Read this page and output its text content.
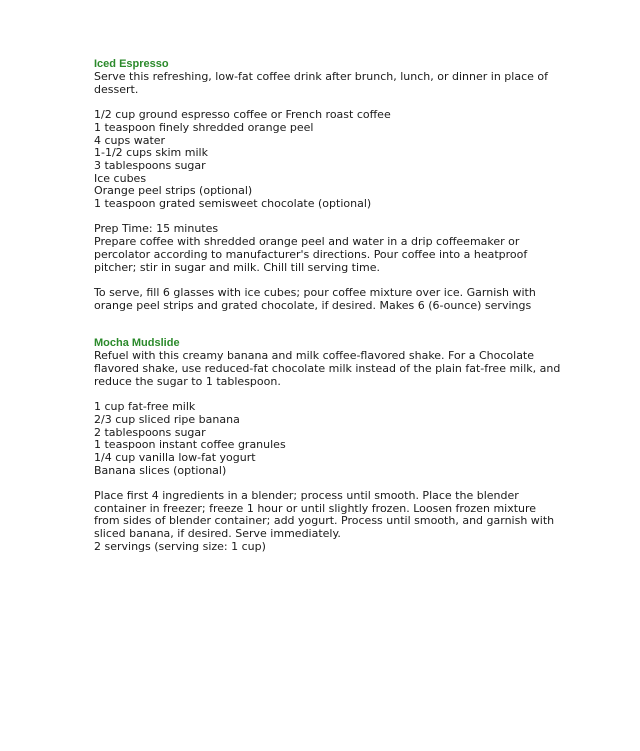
Iced Espresso

Serve this refreshing, low-fat coffee drink after brunch, lunch, or dinner in place of
dessert.

1/2 cup ground espresso coffee or French roast coffee
1 teaspoon finely shredded orange peel
4 cups water
1-1/2 cups skim milk
3 tablespoons sugar
Ice cubes
Orange peel strips (optional)
1 teaspoon grated semisweet chocolate (optional)

Prep Time: 15 minutes

Prepare coffee with shredded orange peel and water in a drip coffeemaker or
percolator according to manufacturer's directions. Pour coffee into a heatproof
pitcher; stir in sugar and milk. Chill till serving time.

To serve, fill 6 glasses with ice cubes; pour coffee mixture over ice. Garnish with
orange peel strips and grated chocolate, if desired. Makes 6 (6-ounce) servings

Mocha Mudslide

Refuel with this creamy banana and milk coffee-flavored shake. For a Chocolate
flavored shake, use reduced-fat chocolate milk instead of the plain fat-free milk, and
reduce the sugar to 1 tablespoon.

1 cup fat-free milk
2/3 cup sliced ripe banana
2 tablespoons sugar
1 teaspoon instant coffee granules
1/4 cup vanilla low-fat yogurt
Banana slices (optional)

Place first 4 ingredients in a blender; process until smooth. Place the blender
container in freezer; freeze 1 hour or until slightly frozen. Loosen frozen mixture
from sides of blender container; add yogurt. Process until smooth, and garnish with
sliced banana, if desired. Serve immediately.

2 servings (serving size: 1 cup)
